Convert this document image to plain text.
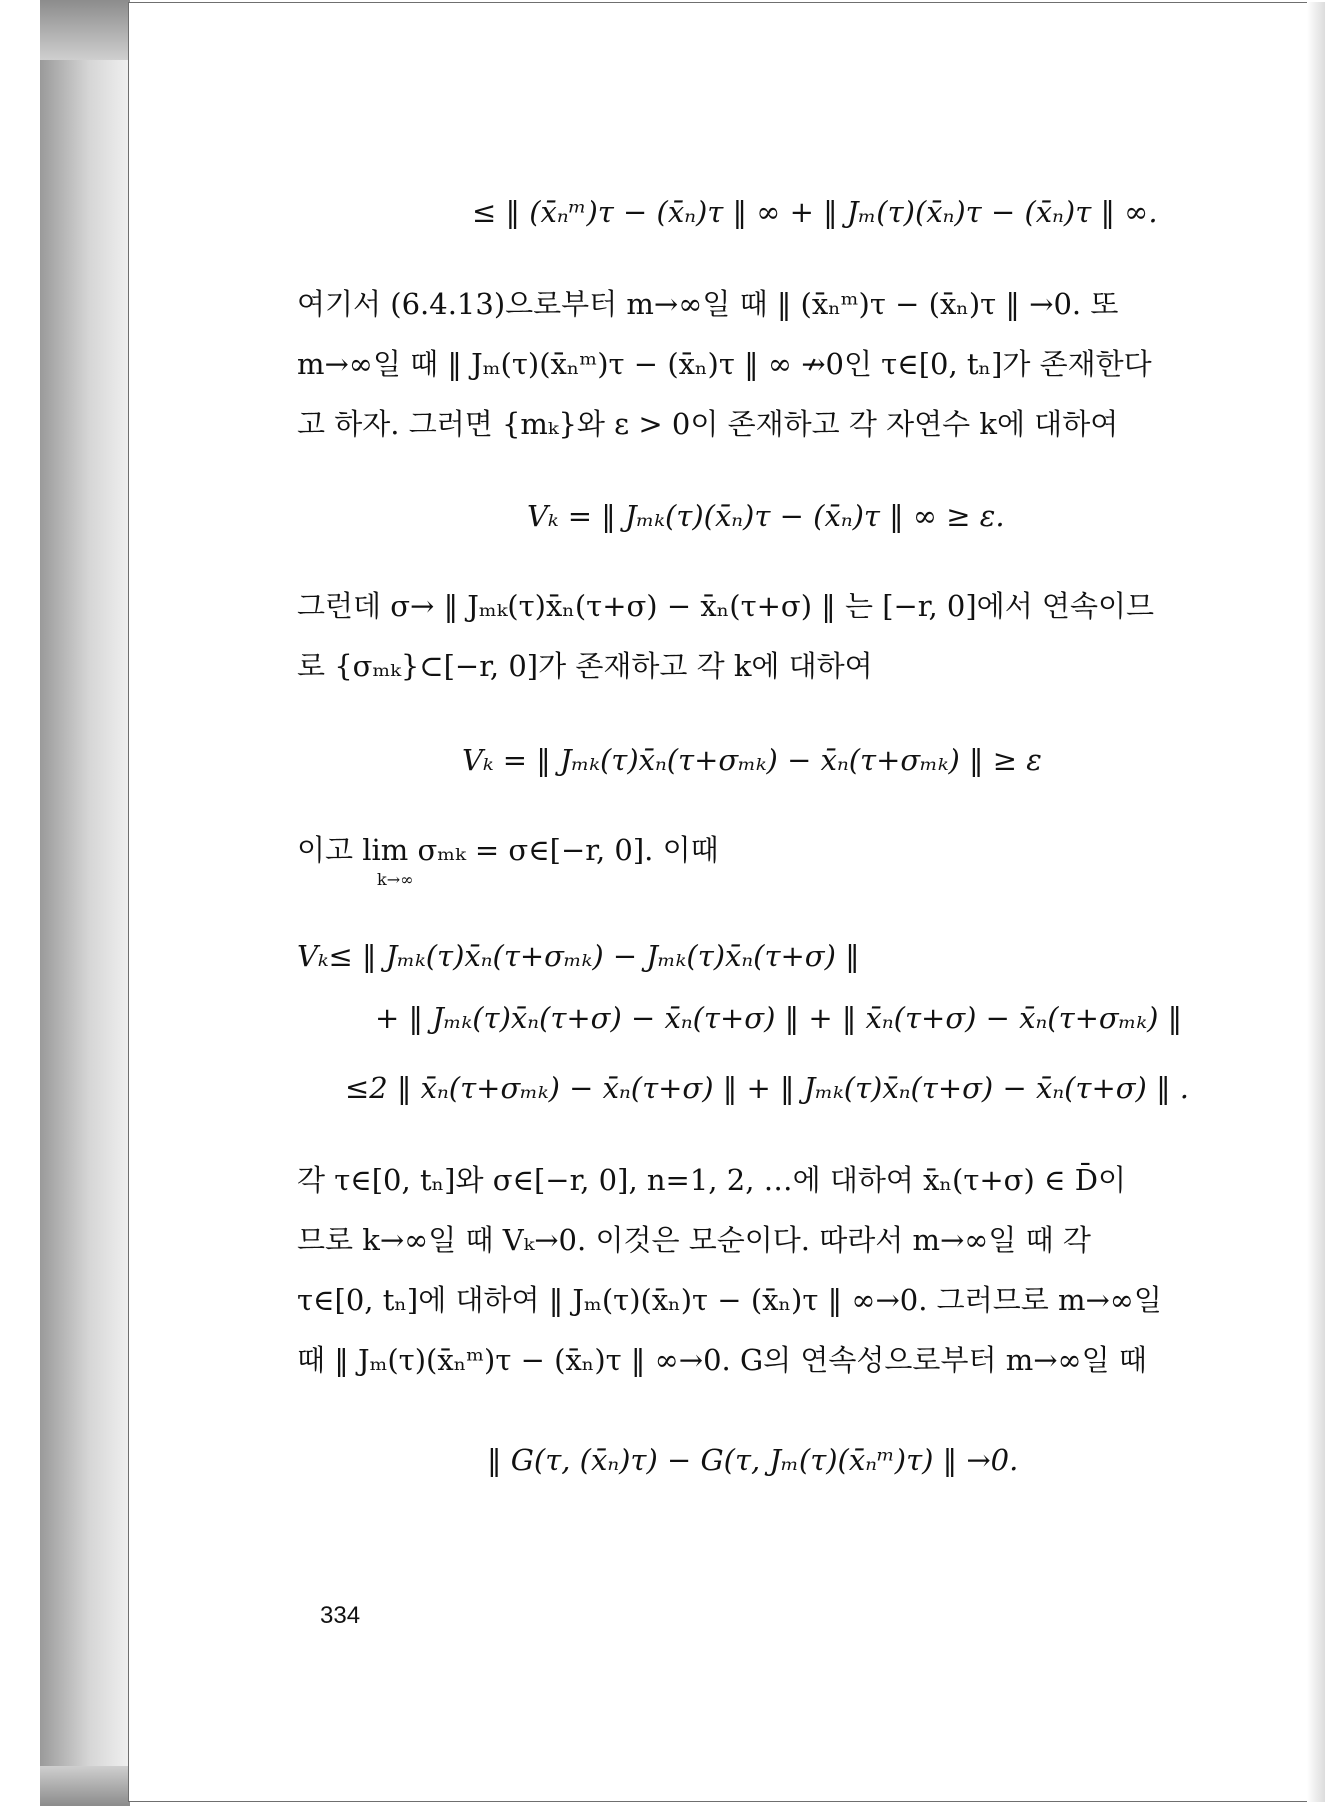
≤ ‖ (x̄ₙᵐ)τ − (x̄ₙ)τ ‖ ∞ + ‖ Jₘ(τ)(x̄ₙ)τ − (x̄ₙ)τ ‖ ∞.
여기서 (6.4.13)으로부터 m→∞일 때 ‖ (x̄ₙᵐ)τ − (x̄ₙ)τ ‖ →0. 또
m→∞일 때 ‖ Jₘ(τ)(x̄ₙᵐ)τ − (x̄ₙ)τ ‖ ∞ ↛0인 τ∈[0, tₙ]가 존재한다
고 하자. 그러면 {mₖ}와 ε > 0이 존재하고 각 자연수 k에 대하여
Vₖ = ‖ Jₘₖ(τ)(x̄ₙ)τ − (x̄ₙ)τ ‖ ∞ ≥ ε.
그런데 σ→ ‖ Jₘₖ(τ)x̄ₙ(τ+σ) − x̄ₙ(τ+σ) ‖ 는 [−r, 0]에서 연속이므
로 {σₘₖ}⊂[−r, 0]가 존재하고 각 k에 대하여
Vₖ = ‖ Jₘₖ(τ)x̄ₙ(τ+σₘₖ) − x̄ₙ(τ+σₘₖ) ‖ ≥ ε
이고 lim σₘₖ = σ∈[−r, 0]. 이때
k→∞
Vₖ≤ ‖ Jₘₖ(τ)x̄ₙ(τ+σₘₖ) − Jₘₖ(τ)x̄ₙ(τ+σ) ‖
+ ‖ Jₘₖ(τ)x̄ₙ(τ+σ) − x̄ₙ(τ+σ) ‖ + ‖ x̄ₙ(τ+σ) − x̄ₙ(τ+σₘₖ) ‖
≤2 ‖ x̄ₙ(τ+σₘₖ) − x̄ₙ(τ+σ) ‖ + ‖ Jₘₖ(τ)x̄ₙ(τ+σ) − x̄ₙ(τ+σ) ‖ .
각 τ∈[0, tₙ]와 σ∈[−r, 0], n=1, 2, …에 대하여 x̄ₙ(τ+σ) ∈ D̄이
므로 k→∞일 때 Vₖ→0. 이것은 모순이다. 따라서 m→∞일 때 각
τ∈[0, tₙ]에 대하여 ‖ Jₘ(τ)(x̄ₙ)τ − (x̄ₙ)τ ‖ ∞→0. 그러므로 m→∞일
때 ‖ Jₘ(τ)(x̄ₙᵐ)τ − (x̄ₙ)τ ‖ ∞→0. G의 연속성으로부터 m→∞일 때
‖ G(τ, (x̄ₙ)τ) − G(τ, Jₘ(τ)(x̄ₙᵐ)τ) ‖ →0.
334
